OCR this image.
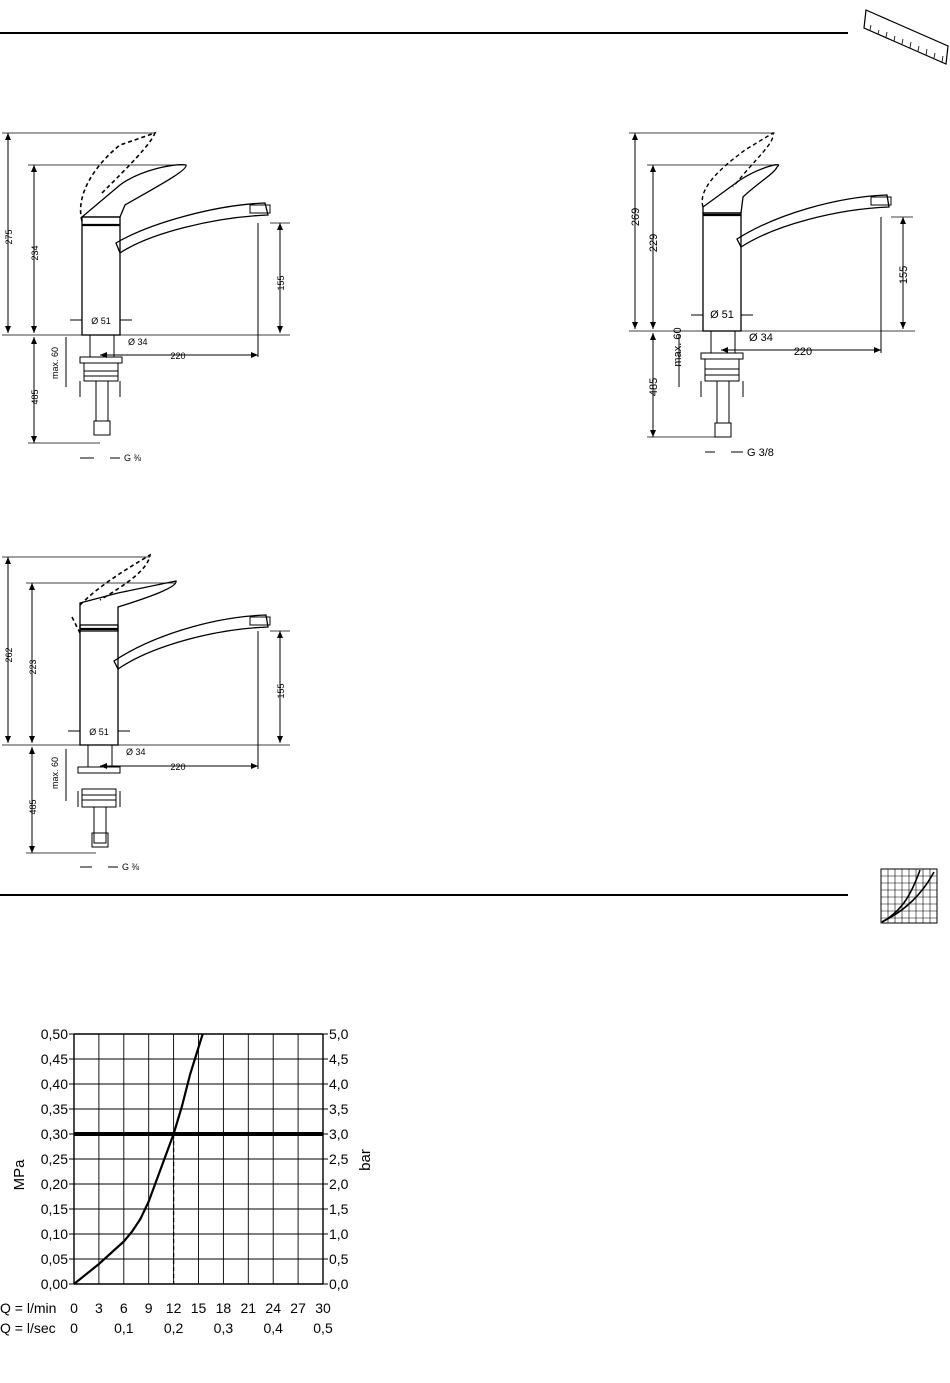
275
234
155
Ø 51
Ø 34
220
max. 60
485
G ⅜
269
229
155
Ø 51
Ø 34
220
max. 60
485
G 3/8
262
223
155
Ø 51
Ø 34
220
max. 60
485
G ⅜
0 3 6 9 12 15 18 21 24 27 30
0,00	0,0
0,05	0,5
0,10	1,0
0,15	1,5
0,20	2,0
0,25	2,5
0,30	3,0
0,35	3,5
0,40	4,0
0,45	4,5
0,50	5,0
0	0,1 0,2 0,3 0,4 0,5
MPa	bar
Q = l/min
Q = l/sec
